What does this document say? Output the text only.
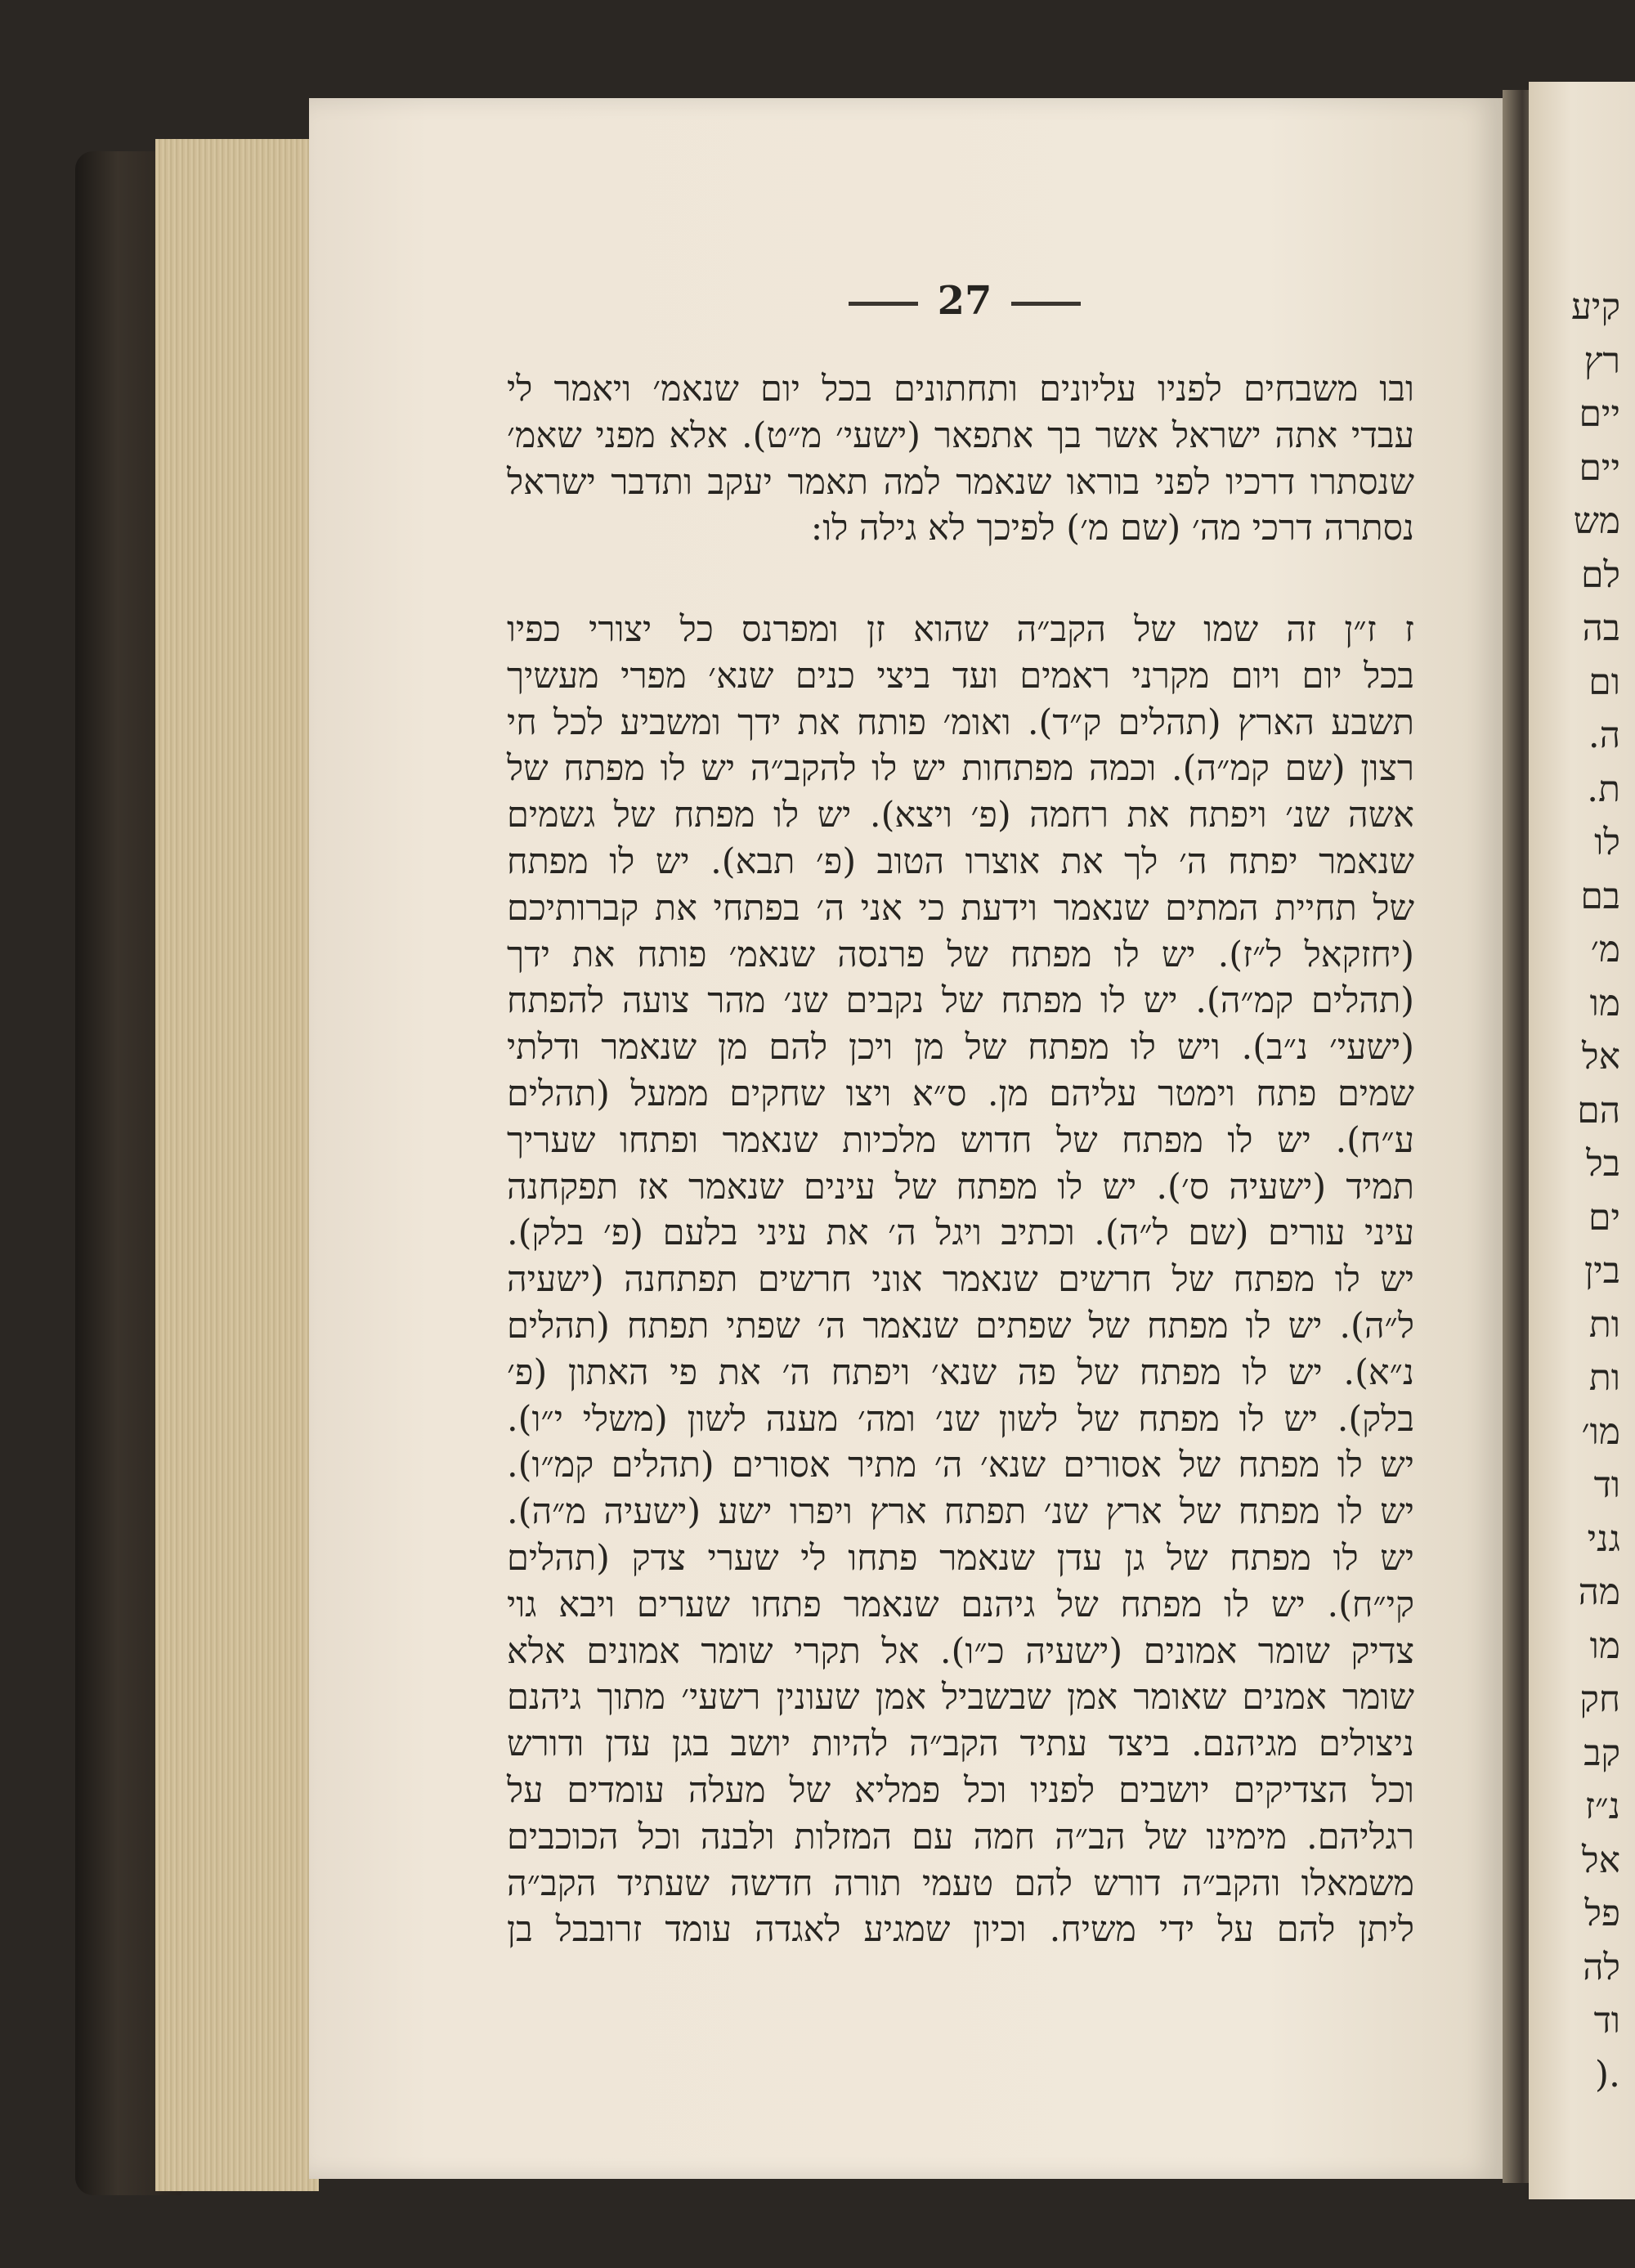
קיע
רץ
יים
יים
מש
לם
בה
ום
ה.
ת.
לו
בם
מ׳
מו
אל
הם
בל
ים
בין
ות
ות
מו׳
וד
גני
מה
מו
חק
קב
נ״ז
אל
פל
לה
וד
.(
27
ובו משבחים לפניו עליונים ותחתונים בכל יום שנאמ׳ ויאמר לי
עבדי אתה ישראל אשר בך אתפאר (ישעי׳ מ״ט). אלא מפני שאמ׳
שנסתרו דרכיו לפני בוראו שנאמר למה תאמר יעקב ותדבר ישראל
נסתרה דרכי מה׳ (שם מ׳) לפיכך לא גילה לו:
ז ז״ן זה שמו של הקב״ה שהוא זן ומפרנס כל יצורי כפיו
בכל יום ויום מקרני ראמים ועד ביצי כנים שנא׳ מפרי מעשיך
תשבע הארץ (תהלים ק״ד). ואומ׳ פותח את ידך ומשביע לכל חי
רצון (שם קמ״ה). וכמה מפתחות יש לו להקב״ה יש לו מפתח של
אשה שנ׳ ויפתח את רחמה (פ׳ ויצא). יש לו מפתח של גשמים
שנאמר יפתח ה׳ לך את אוצרו הטוב (פ׳ תבא). יש לו מפתח
של תחיית המתים שנאמר וידעת כי אני ה׳ בפתחי את קברותיכם
(יחזקאל ל״ז). יש לו מפתח של פרנסה שנאמ׳ פותח את ידך
(תהלים קמ״ה). יש לו מפתח של נקבים שנ׳ מהר צועה להפתח
(ישעי׳ נ״ב). ויש לו מפתח של מן ויכן להם מן שנאמר ודלתי
שמים פתח וימטר עליהם מן. ס״א ויצו שחקים ממעל (תהלים
ע״ח). יש לו מפתח של חדוש מלכיות שנאמר ופתחו שעריך
תמיד (ישעיה ס׳). יש לו מפתח של עינים שנאמר אז תפקחנה
עיני עורים (שם ל״ה). וכתיב ויגל ה׳ את עיני בלעם (פ׳ בלק).
יש לו מפתח של חרשים שנאמר אוני חרשים תפתחנה (ישעיה
ל״ה). יש לו מפתח של שפתים שנאמר ה׳ שפתי תפתח (תהלים
נ״א). יש לו מפתח של פה שנא׳ ויפתח ה׳ את פי האתון (פ׳
בלק). יש לו מפתח של לשון שנ׳ ומה׳ מענה לשון (משלי י״ו).
יש לו מפתח של אסורים שנא׳ ה׳ מתיר אסורים (תהלים קמ״ו).
יש לו מפתח של ארץ שנ׳ תפתח ארץ ויפרו ישע (ישעיה מ״ה).
יש לו מפתח של גן עדן שנאמר פתחו לי שערי צדק (תהלים
קי״ח). יש לו מפתח של גיהנם שנאמר פתחו שערים ויבא גוי
צדיק שומר אמונים (ישעיה כ״ו). אל תקרי שומר אמונים אלא
שומר אמנים שאומר אמן שבשביל אמן שעונין רשעי׳ מתוך גיהנם
ניצולים מגיהנם. ביצד עתיד הקב״ה להיות יושב בגן עדן ודורש
וכל הצדיקים יושבים לפניו וכל פמליא של מעלה עומדים על
רגליהם. מימינו של הב״ה חמה עם המזלות ולבנה וכל הכוכבים
משמאלו והקב״ה דורש להם טעמי תורה חדשה שעתיד הקב״ה
ליתן להם על ידי משיח. וכיון שמגיע לאגדה עומד זרובבל בן
